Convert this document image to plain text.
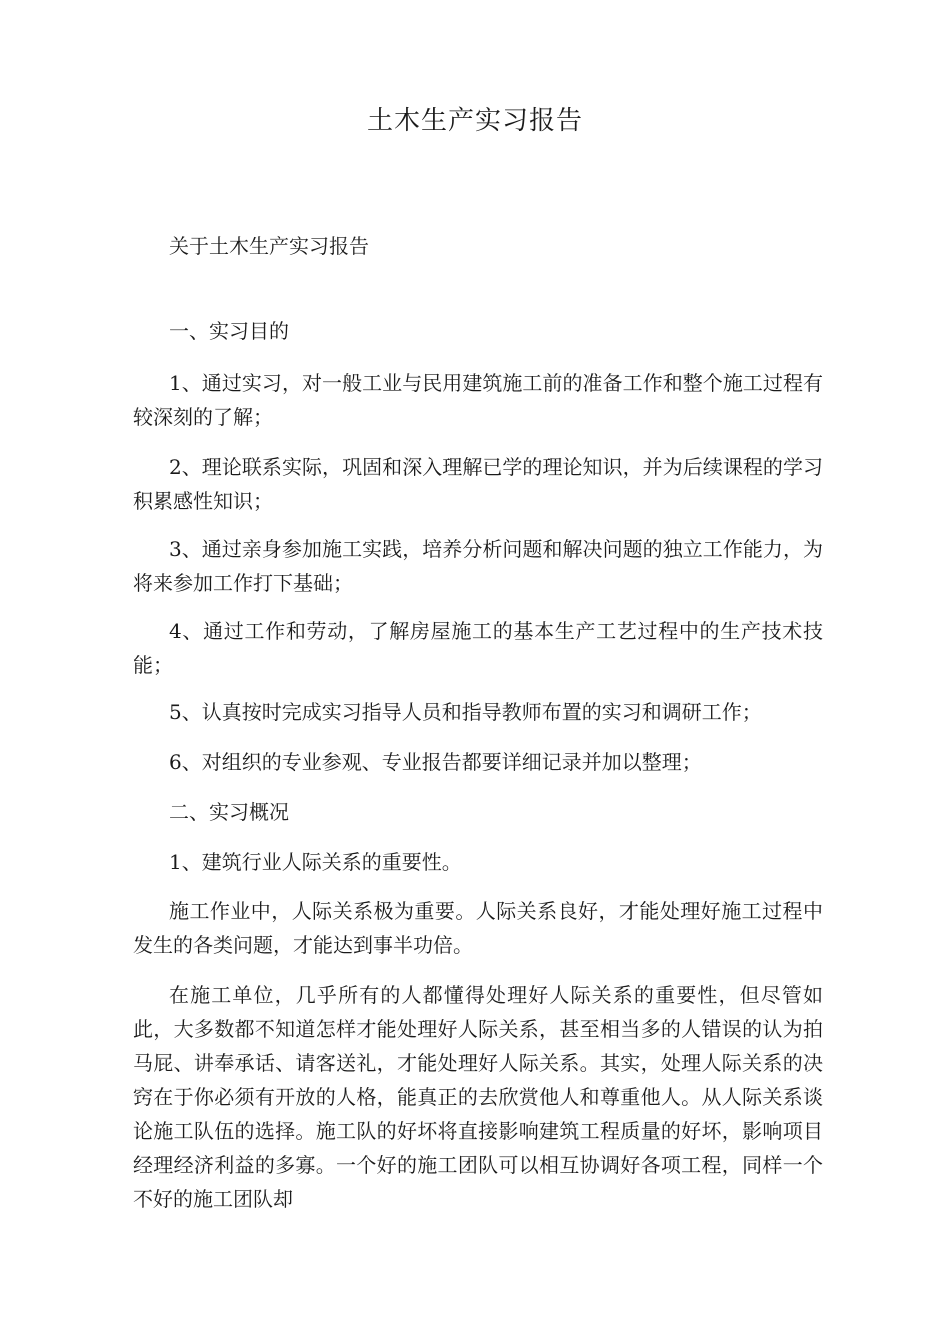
土木生产实习报告

关于土木生产实习报告

一、实习目的

1、通过实习，对一般工业与民用建筑施工前的准备工作和整个施工过程有较深刻的了解；

2、理论联系实际，巩固和深入理解已学的理论知识，并为后续课程的学习积累感性知识；

3、通过亲身参加施工实践，培养分析问题和解决问题的独立工作能力，为将来参加工作打下基础；

4、通过工作和劳动，了解房屋施工的基本生产工艺过程中的生产技术技能；

5、认真按时完成实习指导人员和指导教师布置的实习和调研工作；

6、对组织的专业参观、专业报告都要详细记录并加以整理；

二、实习概况

1、建筑行业人际关系的重要性。

施工作业中，人际关系极为重要。人际关系良好，才能处理好施工过程中发生的各类问题，才能达到事半功倍。

在施工单位，几乎所有的人都懂得处理好人际关系的重要性，但尽管如此，大多数都不知道怎样才能处理好人际关系，甚至相当多的人错误的认为拍马屁、讲奉承话、请客送礼，才能处理好人际关系。其实，处理人际关系的决窍在于你必须有开放的人格，能真正的去欣赏他人和尊重他人。从人际关系谈论施工队伍的选择。施工队的好坏将直接影响建筑工程质量的好坏，影响项目经理经济利益的多寡。一个好的施工团队可以相互协调好各项工程，同样一个不好的施工团队却
